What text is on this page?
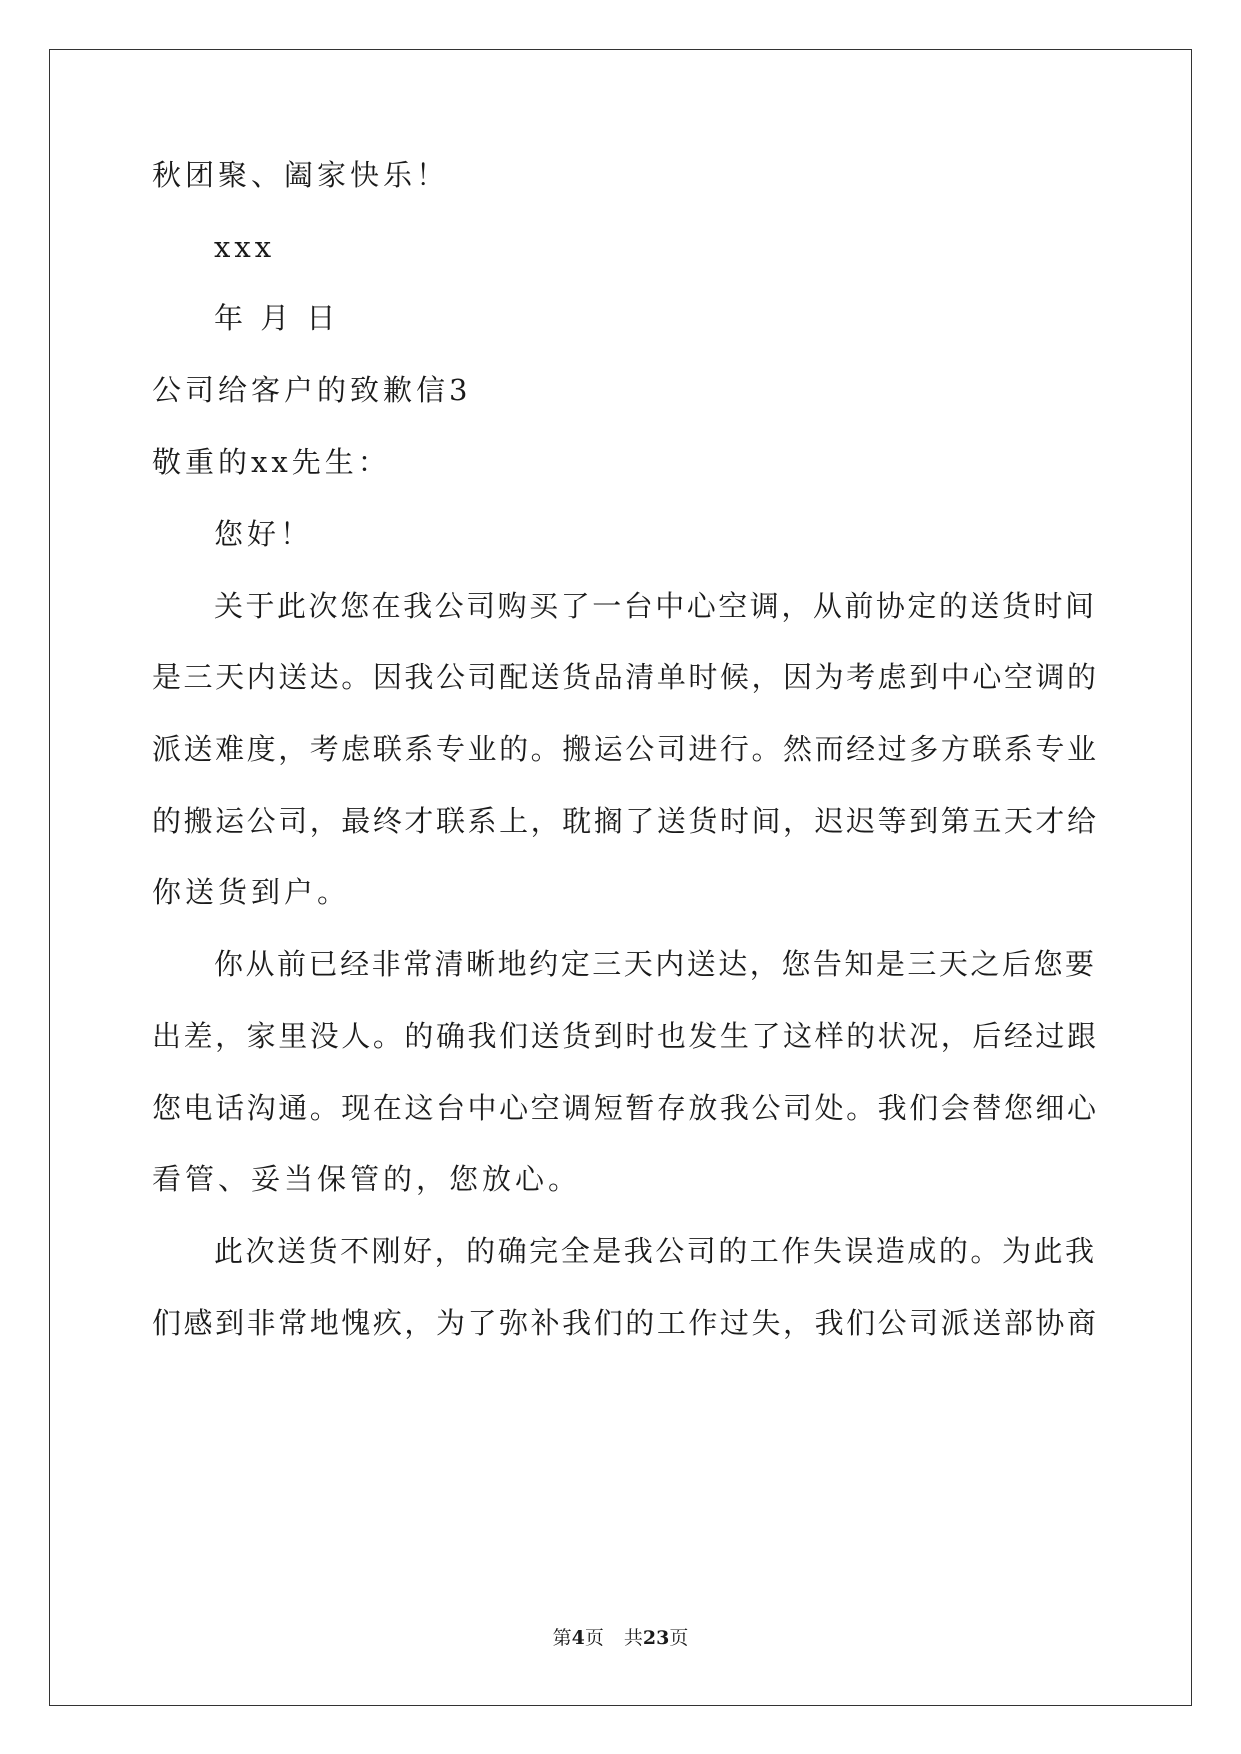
秋团聚、阖家快乐！
xxx
年 月 日
公司给客户的致歉信3
敬重的xx先生：
您好！
关于此次您在我公司购买了一台中心空调，从前协定的送货时间
是三天内送达。因我公司配送货品清单时候，因为考虑到中心空调的
派送难度，考虑联系专业的。搬运公司进行。然而经过多方联系专业
的搬运公司，最终才联系上，耽搁了送货时间，迟迟等到第五天才给
你送货到户。
你从前已经非常清晰地约定三天内送达，您告知是三天之后您要
出差，家里没人。的确我们送货到时也发生了这样的状况，后经过跟
您电话沟通。现在这台中心空调短暂存放我公司处。我们会替您细心
看管、妥当保管的，您放心。
此次送货不刚好，的确完全是我公司的工作失误造成的。为此我
们感到非常地愧疚，为了弥补我们的工作过失，我们公司派送部协商
第4页 共23页
